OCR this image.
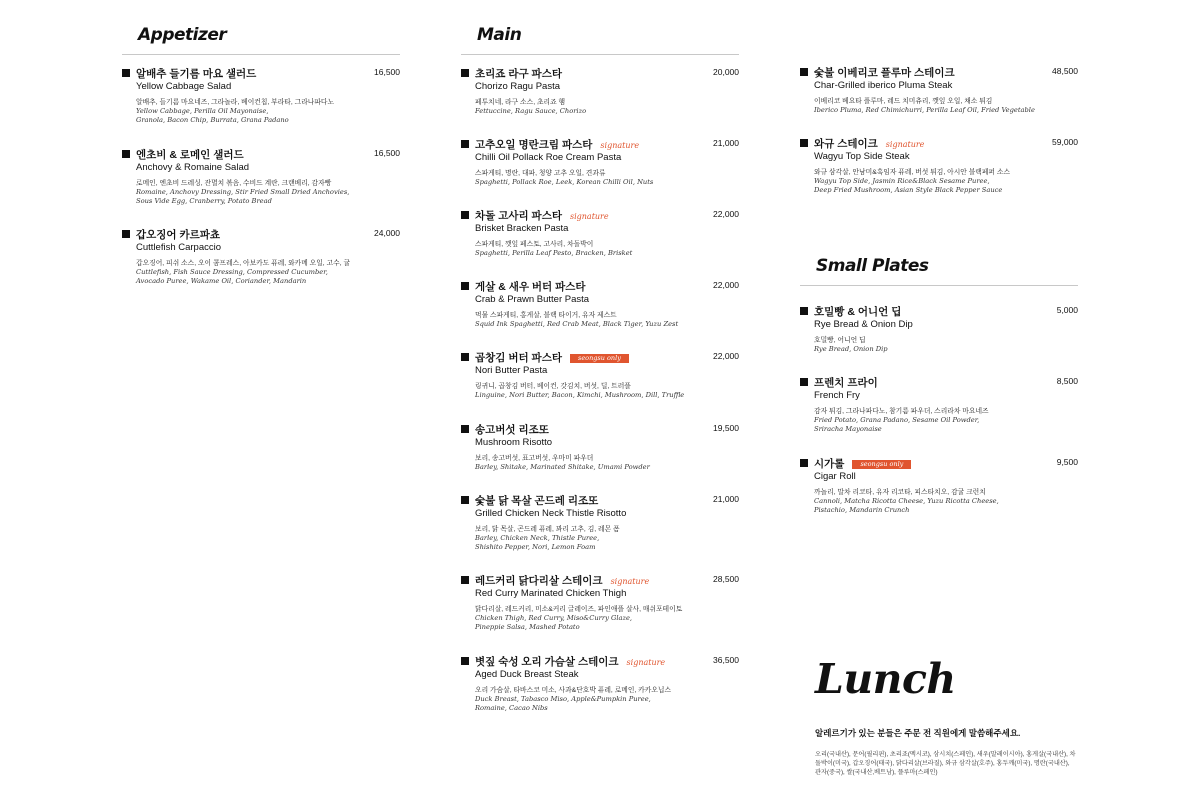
Appetizer
알배추 들기름 마요 샐러드	16,500
Yellow Cabbage Salad
알배추, 들기름 마요네즈, 그라놀라, 베이컨칩, 부라타, 그라나파다노
Yellow Cabbage, Perilla Oil Mayonaise,
Granola, Bacon Chip, Burrata, Grana Padano
엔초비 & 로메인 샐러드	16,500
Anchovy & Romaine Salad
로메인, 엔초비 드레싱, 잔멸치 볶음, 수비드 계란, 크랜베리, 감자빵
Romaine, Anchovy Dressing, Stir Fried Small Dried Anchovies,
Sous Vide Egg, Cranberry, Potato Bread
갑오징어 카르파쵸	24,000
Cuttlefish Carpaccio
갑오징어, 피쉬 소스, 오이 콤프레스, 아보카도 퓨레, 와카메 오일, 고수, 귤
Cuttlefish, Fish Sauce Dressing, Compressed Cucumber,
Avocado Puree, Wakame Oil, Coriander, Mandarin
Main
초리죠 라구 파스타	20,000
Chorizo Ragu Pasta
페투치네, 라구 소스, 초리죠 햄
Fettuccine, Ragu Sauce, Chorizo
고추오일 명란크림 파스타 signature	21,000
Chilli Oil Pollack Roe Cream Pasta
스파게티, 명란, 대파, 청양 고추 오일, 견과류
Spaghetti, Pollack Roe, Leek, Korean Chilli Oil, Nuts
차돌 고사리 파스타 signature	22,000
Brisket Bracken Pasta
스파게티, 깻잎 페스토, 고사리, 차돌박이
Spaghetti, Perilla Leaf Pesto, Bracken, Brisket
게살 & 새우 버터 파스타	22,000
Crab & Prawn Butter Pasta
먹물 스파게티, 홍게살, 블랙 타이거, 유자 제스트
Squid Ink Spaghetti, Red Crab Meat, Black Tiger, Yuzu Zest
곱창김 버터 파스타 seongsu only	22,000
Nori Butter Pasta
링귀니, 곱창김 버터, 베이컨, 갓김치, 버섯, 딜, 트러플
Linguine, Nori Butter, Bacon, Kimchi, Mushroom, Dill, Truffle
송고버섯 리조또	19,500
Mushroom Risotto
보리, 송고버섯, 표고버섯, 우마미 파우더
Barley, Shitake, Marinated Shitake, Umami Powder
숯불 닭 목살 곤드레 리조또	21,000
Grilled Chicken Neck Thistle Risotto
보리, 닭 목살, 곤드레 퓨레, 꽈리 고추, 김, 레몬 폼
Barley, Chicken Neck, Thistle Puree,
Shishito Pepper, Nori, Lemon Foam
레드커리 닭다리살 스테이크 signature	28,500
Red Curry Marinated Chicken Thigh
닭다리살, 레드커리, 미소&커리 글레이즈, 파인애플 살사, 매쉬포테이토
Chicken Thigh, Red Curry, Miso&Curry Glaze,
Pineppie Salsa, Mashed Potato
볏짚 숙성 오리 가슴살 스테이크 signature	36,500
Aged Duck Breast Steak
오리 가슴살, 타바스코 미소, 사과&단호박 퓨레, 로메인, 카카오닙스
Duck Breast, Tabasco Miso, Apple&Pumpkin Puree,
Romaine, Cacao Nibs
숯불 이베리코 플루마 스테이크	48,500
Char-Grilled iberico Pluma Steak
이베리코 베요타 플루마, 레드 치미츄리, 깻잎 오일, 채소 튀김
Iberico Pluma, Red Chimichurri, Perilla Leaf Oil, Fried Vegetable
와규 스테이크 signature	59,000
Wagyu Top Side Steak
와규 삼각살, 안남미&흑임자 퓨레, 버섯 튀김, 아시안 블랙페퍼 소스
Wagyu Top Side, Jasmin Rice&Black Sesame Puree,
Deep Fried Mushroom, Asian Style Black Pepper Sauce
Small Plates
호밀빵 & 어니언 딥	5,000
Rye Bread & Onion Dip
호밀빵, 어니언 딥
Rye Bread, Onion Dip
프렌치 프라이	8,500
French Fry
감자 튀김, 그라나파다노, 참기름 파우더, 스리라차 마요네즈
Fried Potato, Grana Padano, Sesame Oil Powder,
Sriracha Mayonaise
시가롤 seongsu only	9,500
Cigar Roll
까놀리, 말차 리코타, 유자 리코타, 피스타치오, 감귤 크런치
Cannoli, Matcha Ricotta Cheese, Yuzu Ricotta Cheese,
Pistachio, Mandarin Crunch
Lunch
알레르기가 있는 분들은 주문 전 직원에게 말씀해주세요.
오리(국내산), 문어(필리핀), 초리죠(멕시코), 삼시치(스페인), 새우(말레이시아), 홍게살(국내산), 차돌박이(미국), 갑오징어(태국), 닭다리살(브라질), 와규 삼각살(호주), 홍두깨(미국), 명란(국내산), 관자(중국), 쌀(국내산,베트남), 플루마(스페인)
